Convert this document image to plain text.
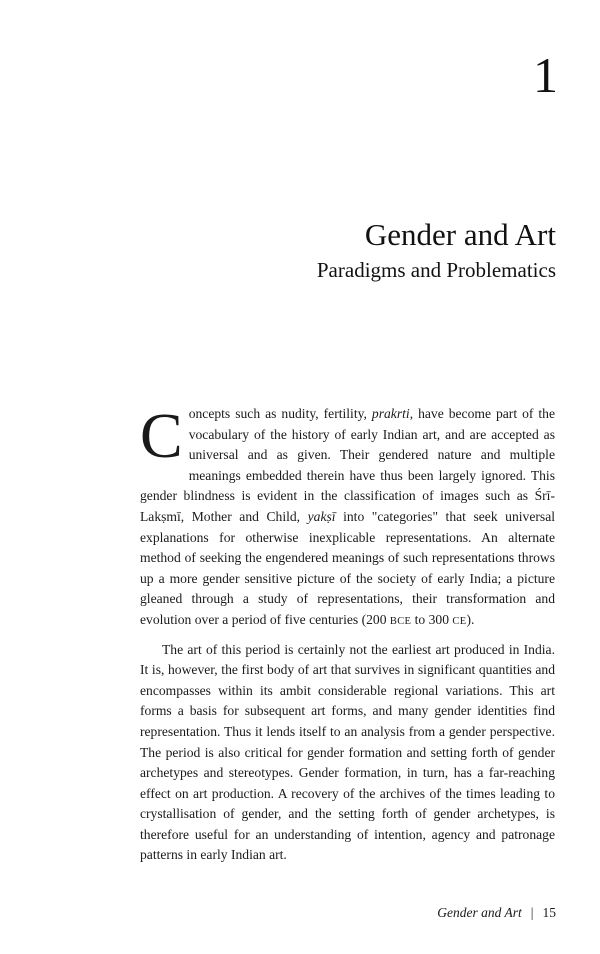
1
Gender and Art
Paradigms and Problematics

Concepts such as nudity, fertility, prakrti, have become part of the vocabulary of the history of early Indian art, and are accepted as universal and as given. Their gendered nature and multiple meanings embedded therein have thus been largely ignored. This gender blindness is evident in the classification of images such as Śrī-Lakṣmī, Mother and Child, yakṣī into "categories" that seek universal explanations for otherwise inexplicable representations. An alternate method of seeking the engendered meanings of such representations throws up a more gender sensitive picture of the society of early India; a picture gleaned through a study of representations, their transformation and evolution over a period of five centuries (200 BCE to 300 CE).

The art of this period is certainly not the earliest art produced in India. It is, however, the first body of art that survives in significant quantities and encompasses within its ambit considerable regional variations. This art forms a basis for subsequent art forms, and many gender identities find representation. Thus it lends itself to an analysis from a gender perspective. The period is also critical for gender formation and setting forth of gender archetypes and stereotypes. Gender formation, in turn, has a far-reaching effect on art production. A recovery of the archives of the times leading to crystallisation of gender, and the setting forth of gender archetypes, is therefore useful for an understanding of intention, agency and patronage patterns in early Indian art.

Gender and Art | 15
